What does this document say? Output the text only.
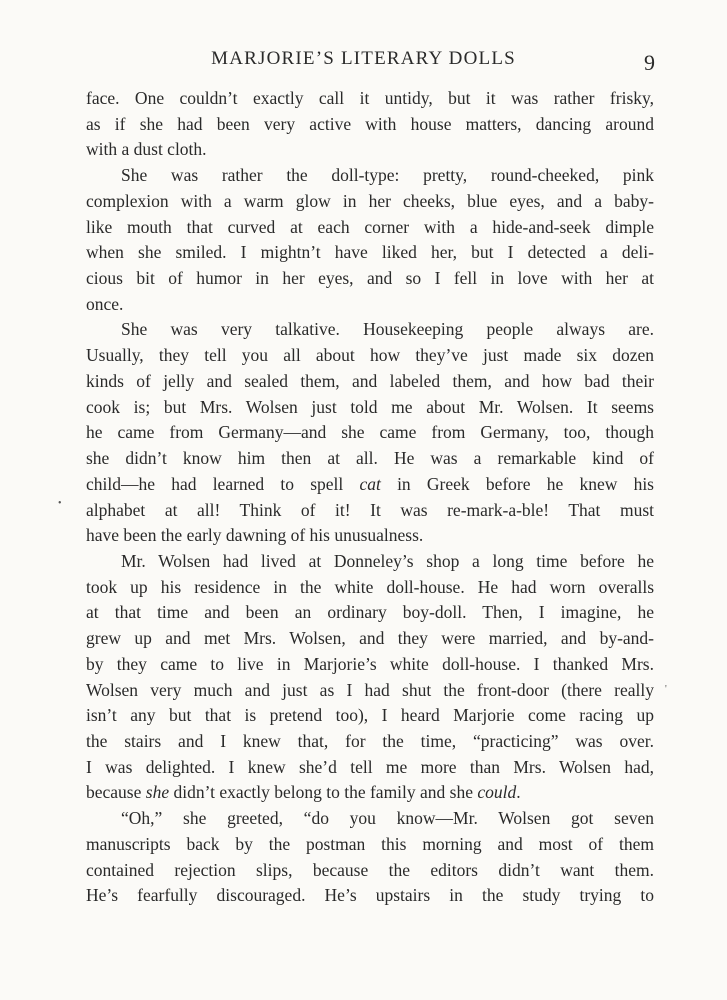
MARJORIE’S LITERARY DOLLS	9
face. One couldn’t exactly call it untidy, but it was rather frisky,
as if she had been very active with house matters, dancing around
with a dust cloth.
She was rather the doll-type: pretty, round-cheeked, pink
complexion with a warm glow in her cheeks, blue eyes, and a baby-
like mouth that curved at each corner with a hide-and-seek dimple
when she smiled. I mightn’t have liked her, but I detected a deli-
cious bit of humor in her eyes, and so I fell in love with her at
once.
She was very talkative. Housekeeping people always are.
Usually, they tell you all about how they’ve just made six dozen
kinds of jelly and sealed them, and labeled them, and how bad their
cook is; but Mrs. Wolsen just told me about Mr. Wolsen. It seems
he came from Germany—and she came from Germany, too, though
she didn’t know him then at all. He was a remarkable kind of
child—he had learned to spell cat in Greek before he knew his
alphabet at all! Think of it! It was re-mark-a-ble! That must
have been the early dawning of his unusualness.
Mr. Wolsen had lived at Donneley’s shop a long time before he
took up his residence in the white doll-house. He had worn overalls
at that time and been an ordinary boy-doll. Then, I imagine, he
grew up and met Mrs. Wolsen, and they were married, and by-and-
by they came to live in Marjorie’s white doll-house. I thanked Mrs.
Wolsen very much and just as I had shut the front-door (there really
isn’t any but that is pretend too), I heard Marjorie come racing up
the stairs and I knew that, for the time, “practicing” was over.
I was delighted. I knew she’d tell me more than Mrs. Wolsen had,
because she didn’t exactly belong to the family and she could.
“Oh,” she greeted, “do you know—Mr. Wolsen got seven
manuscripts back by the postman this morning and most of them
contained rejection slips, because the editors didn’t want them.
He’s fearfully discouraged. He’s upstairs in the study trying to
•
'
